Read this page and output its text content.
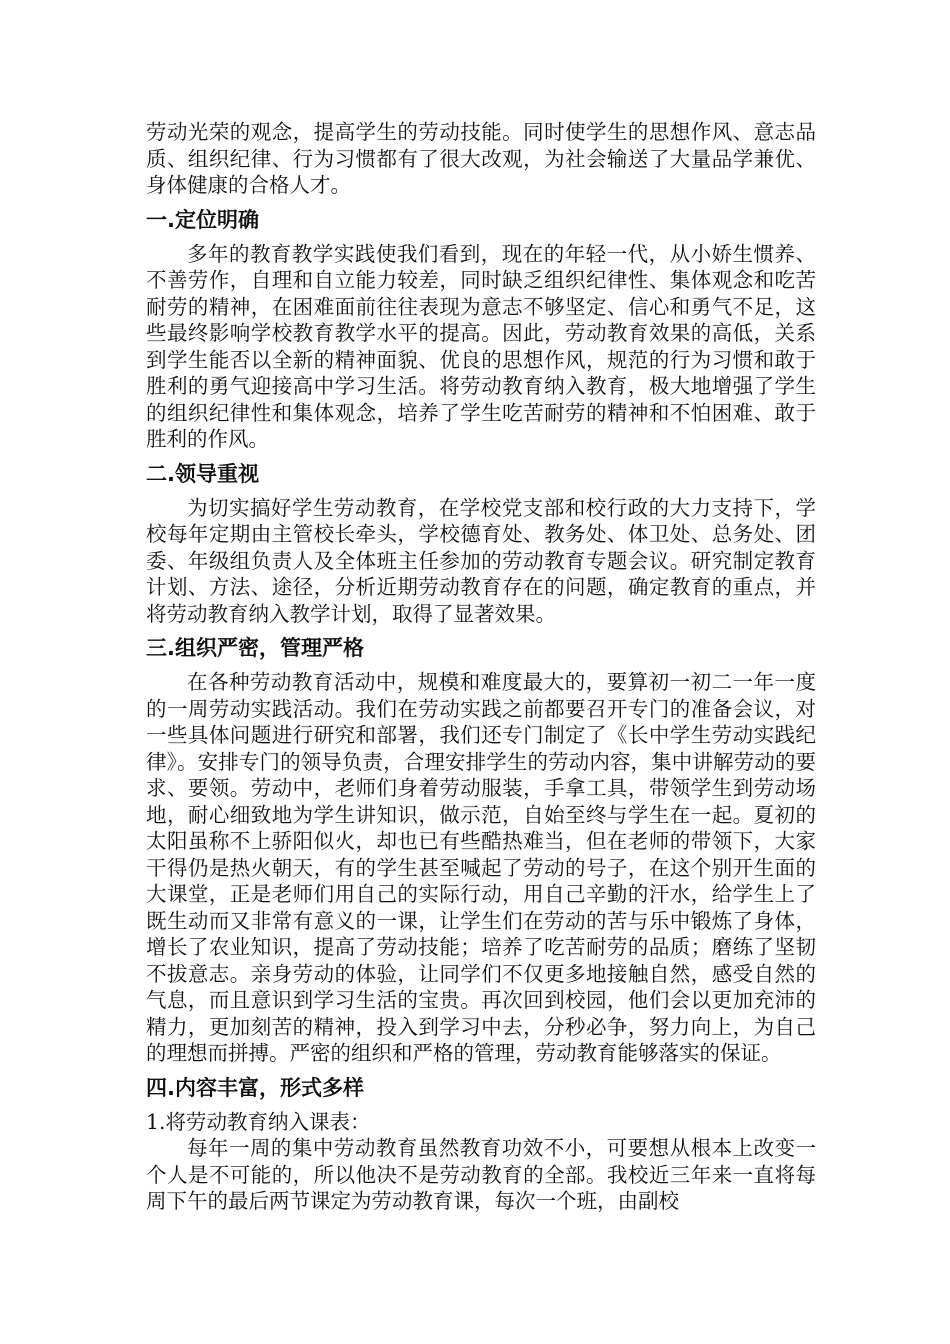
劳动光荣的观念，提高学生的劳动技能。同时使学生的思想作风、意志品质、组织纪律、行为习惯都有了很大改观，为社会输送了大量品学兼优、身体健康的合格人才。

一.定位明确

多年的教育教学实践使我们看到，现在的年轻一代，从小娇生惯养、不善劳作，自理和自立能力较差，同时缺乏组织纪律性、集体观念和吃苦耐劳的精神，在困难面前往往表现为意志不够坚定、信心和勇气不足，这些最终影响学校教育教学水平的提高。因此，劳动教育效果的高低，关系到学生能否以全新的精神面貌、优良的思想作风，规范的行为习惯和敢于胜利的勇气迎接高中学习生活。将劳动教育纳入教育，极大地增强了学生的组织纪律性和集体观念，培养了学生吃苦耐劳的精神和不怕困难、敢于胜利的作风。

二.领导重视

为切实搞好学生劳动教育，在学校党支部和校行政的大力支持下，学校每年定期由主管校长牵头，学校德育处、教务处、体卫处、总务处、团委、年级组负责人及全体班主任参加的劳动教育专题会议。研究制定教育计划、方法、途径，分析近期劳动教育存在的问题，确定教育的重点，并将劳动教育纳入教学计划，取得了显著效果。

三.组织严密，管理严格

在各种劳动教育活动中，规模和难度最大的，要算初一初二一年一度的一周劳动实践活动。我们在劳动实践之前都要召开专门的准备会议，对一些具体问题进行研究和部署，我们还专门制定了《长中学生劳动实践纪律》。安排专门的领导负责，合理安排学生的劳动内容，集中讲解劳动的要求、要领。劳动中，老师们身着劳动服装，手拿工具，带领学生到劳动场地，耐心细致地为学生讲知识，做示范，自始至终与学生在一起。夏初的太阳虽称不上骄阳似火，却也已有些酷热难当，但在老师的带领下，大家干得仍是热火朝天，有的学生甚至喊起了劳动的号子，在这个别开生面的大课堂，正是老师们用自己的实际行动，用自己辛勤的汗水，给学生上了既生动而又非常有意义的一课，让学生们在劳动的苦与乐中锻炼了身体，增长了农业知识，提高了劳动技能；培养了吃苦耐劳的品质；磨练了坚韧不拔意志。亲身劳动的体验，让同学们不仅更多地接触自然，感受自然的气息，而且意识到学习生活的宝贵。再次回到校园，他们会以更加充沛的精力，更加刻苦的精神，投入到学习中去，分秒必争，努力向上，为自己的理想而拼搏。严密的组织和严格的管理，劳动教育能够落实的保证。

四.内容丰富，形式多样

1.将劳动教育纳入课表：

每年一周的集中劳动教育虽然教育功效不小，可要想从根本上改变一个人是不可能的，所以他决不是劳动教育的全部。我校近三年来一直将每周下午的最后两节课定为劳动教育课，每次一个班，由副校
